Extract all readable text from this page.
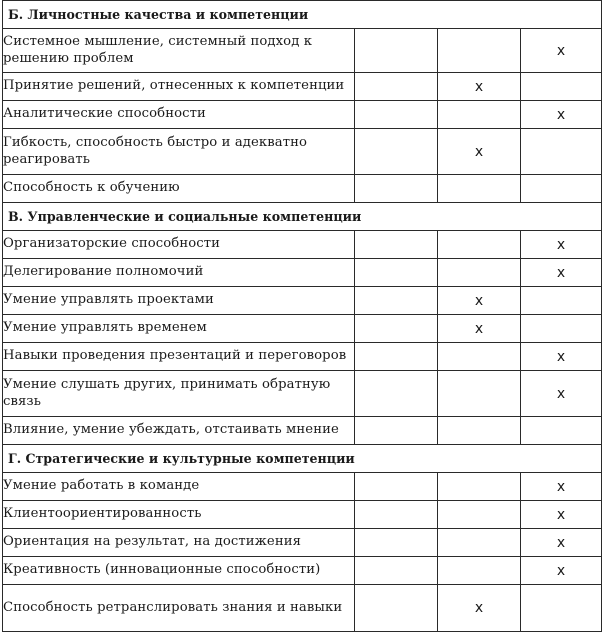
Б. Личностные качества и компетенции			
Системное мышление, системный подход к решению проблем			х
Принятие решений, отнесенных к компетенции		х	
Аналитические способности			х
Гибкость, способность быстро и адекватно реагировать		х	
Способность к обучению			
В. Управленческие и социальные компетенции			
Организаторские способности			х
Делегирование полномочий			х
Умение управлять проектами		х	
Умение управлять временем		х	
Навыки проведения презентаций и переговоров			х
Умение слушать других, принимать обратную связь			х
Влияние, умение убеждать, отстаивать мнение			
Г. Стратегические и культурные компетенции			
Умение работать в команде			х
Клиентоориентированность			х
Ориентация на результат, на достижения			х
Креативность (инновационные способности)			х
Способность ретранслировать знания и навыки		х	
